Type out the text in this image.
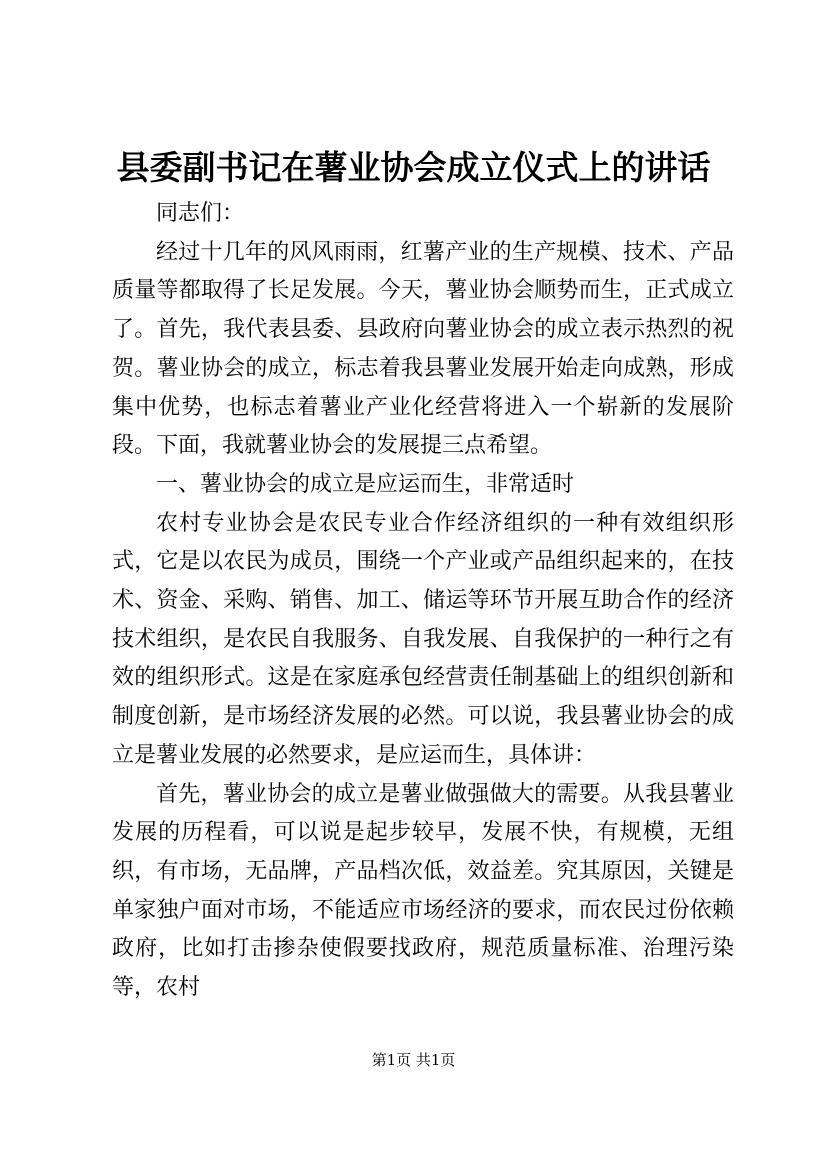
县委副书记在薯业协会成立仪式上的讲话

同志们：

经过十几年的风风雨雨，红薯产业的生产规模、技术、产品质量等都取得了长足发展。今天，薯业协会顺势而生，正式成立了。首先，我代表县委、县政府向薯业协会的成立表示热烈的祝贺。薯业协会的成立，标志着我县薯业发展开始走向成熟，形成集中优势，也标志着薯业产业化经营将进入一个崭新的发展阶段。下面，我就薯业协会的发展提三点希望。

一、薯业协会的成立是应运而生，非常适时

农村专业协会是农民专业合作经济组织的一种有效组织形式，它是以农民为成员，围绕一个产业或产品组织起来的，在技术、资金、采购、销售、加工、储运等环节开展互助合作的经济技术组织，是农民自我服务、自我发展、自我保护的一种行之有效的组织形式。这是在家庭承包经营责任制基础上的组织创新和制度创新，是市场经济发展的必然。可以说，我县薯业协会的成立是薯业发展的必然要求，是应运而生，具体讲：

首先，薯业协会的成立是薯业做强做大的需要。从我县薯业发展的历程看，可以说是起步较早，发展不快，有规模，无组织，有市场，无品牌，产品档次低，效益差。究其原因，关键是单家独户面对市场，不能适应市场经济的要求，而农民过份依赖政府，比如打击掺杂使假要找政府，规范质量标准、治理污染等，农村

第1页 共1页
